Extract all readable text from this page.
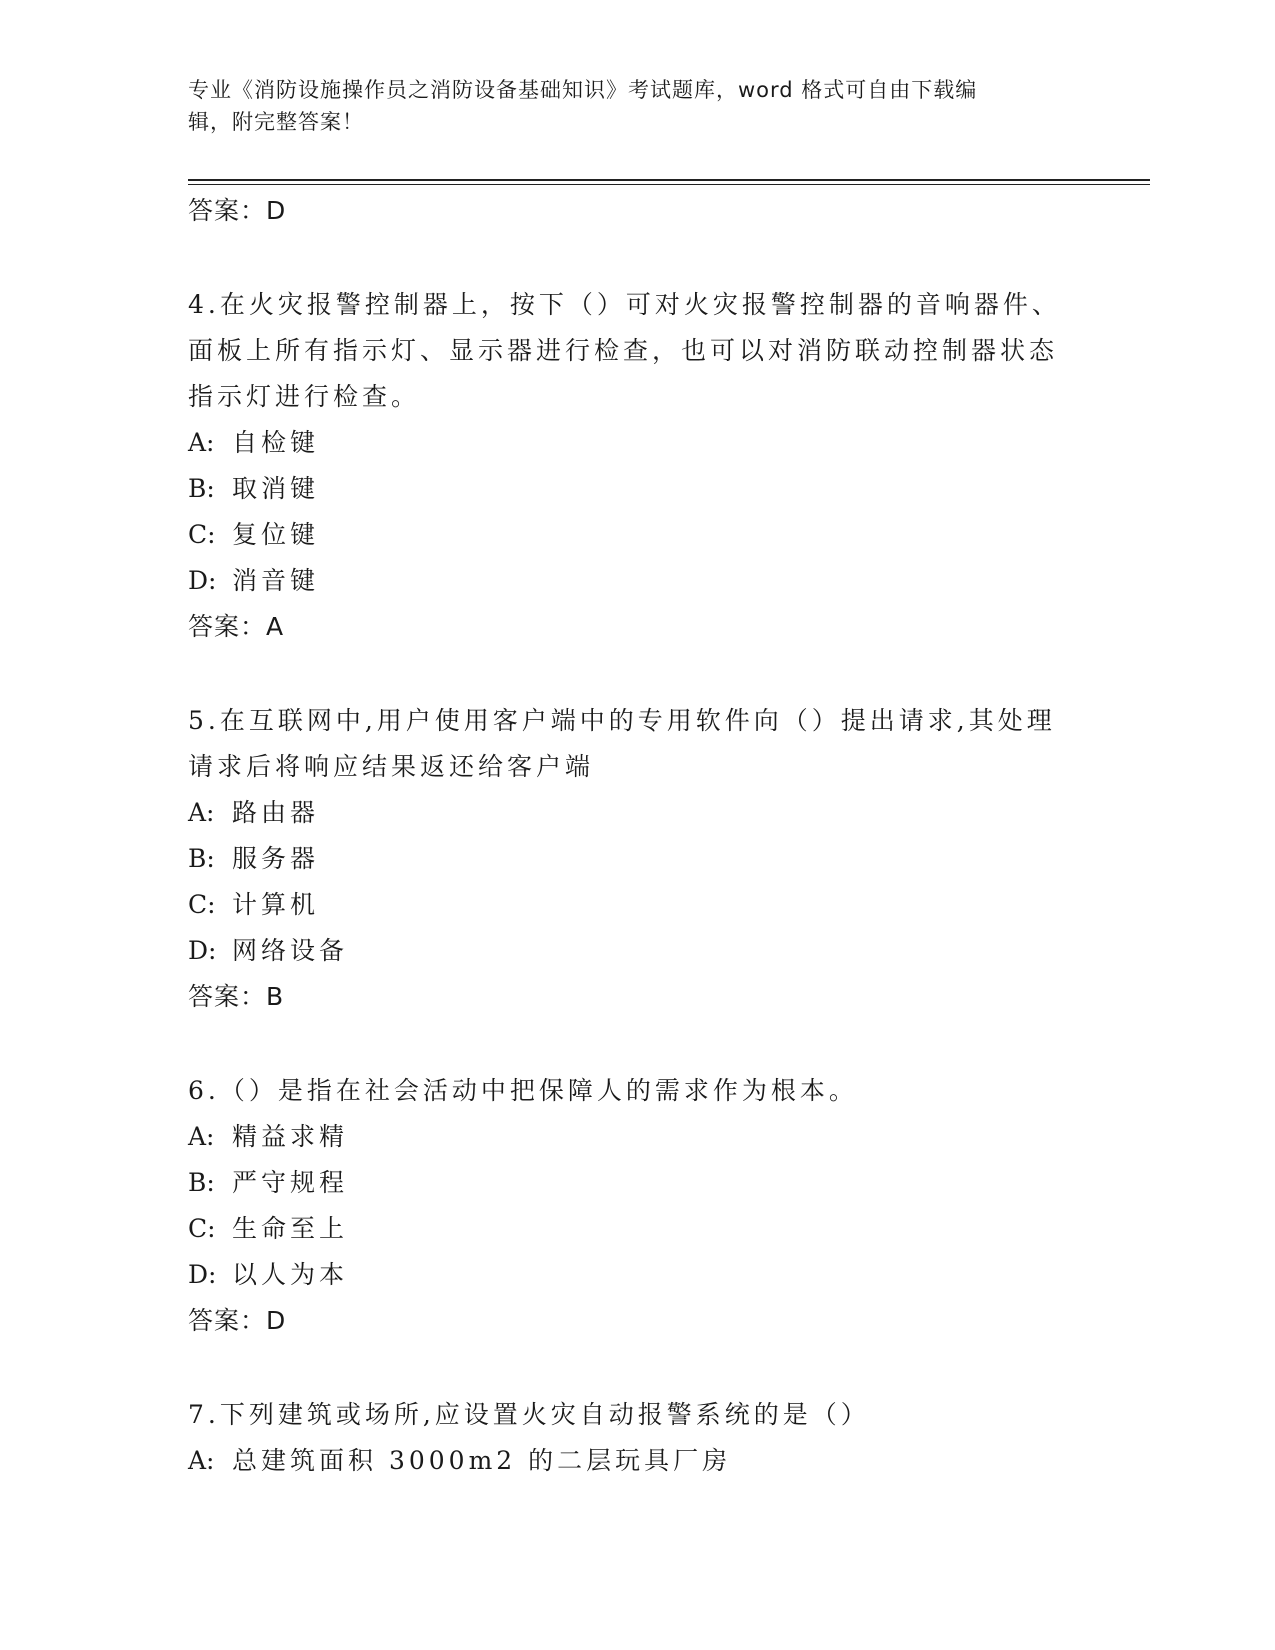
专业《消防设施操作员之消防设备基础知识》考试题库，word 格式可自由下载编
辑，附完整答案！
答案：D
4.在火灾报警控制器上，按下（）可对火灾报警控制器的音响器件、
面板上所有指示灯、显示器进行检查，也可以对消防联动控制器状态
指示灯进行检查。
A: 自检键
B: 取消键
C: 复位键
D: 消音键
答案：A
5.在互联网中,用户使用客户端中的专用软件向（）提出请求,其处理
请求后将响应结果返还给客户端
A: 路由器
B: 服务器
C: 计算机
D: 网络设备
答案：B
6.（）是指在社会活动中把保障人的需求作为根本。
A: 精益求精
B: 严守规程
C: 生命至上
D: 以人为本
答案：D
7.下列建筑或场所,应设置火灾自动报警系统的是（）
A: 总建筑面积 3000m2 的二层玩具厂房
